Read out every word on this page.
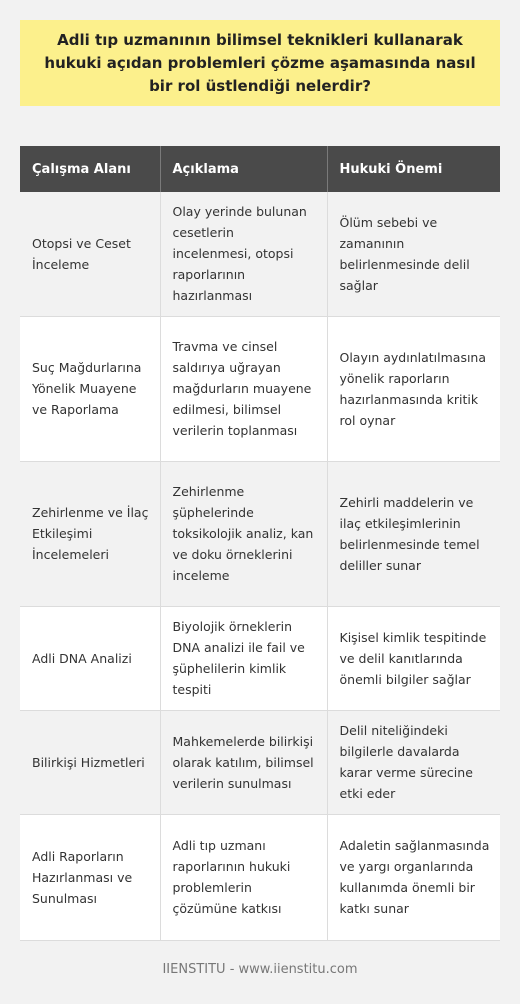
Adli tıp uzmanının bilimsel teknikleri kullanarak hukuki açıdan problemleri çözme aşamasında nasıl bir rol üstlendiği nelerdir?
Çalışma Alanı	Açıklama	Hukuki Önemi
Otopsi ve Ceset İnceleme	Olay yerinde bulunan cesetlerin incelenmesi, otopsi raporlarının hazırlanması	Ölüm sebebi ve zamanının belirlenmesinde delil sağlar
Suç Mağdurlarına Yönelik Muayene ve Raporlama	Travma ve cinsel saldırıya uğrayan mağdurların muayene edilmesi, bilimsel verilerin toplanması	Olayın aydınlatılmasına yönelik raporların hazırlanmasında kritik rol oynar
Zehirlenme ve İlaç Etkileşimi İncelemeleri	Zehirlenme şüphelerinde toksikolojik analiz, kan ve doku örneklerini inceleme	Zehirli maddelerin ve ilaç etkileşimlerinin belirlenmesinde temel deliller sunar
Adli DNA Analizi	Biyolojik örneklerin DNA analizi ile fail ve şüphelilerin kimlik tespiti	Kişisel kimlik tespitinde ve delil kanıtlarında önemli bilgiler sağlar
Bilirkişi Hizmetleri	Mahkemelerde bilirkişi olarak katılım, bilimsel verilerin sunulması	Delil niteliğindeki bilgilerle davalarda karar verme sürecine etki eder
Adli Raporların Hazırlanması ve Sunulması	Adli tıp uzmanı raporlarının hukuki problemlerin çözümüne katkısı	Adaletin sağlanmasında ve yargı organlarında kullanımda önemli bir katkı sunar
IIENSTITU - www.iienstitu.com
